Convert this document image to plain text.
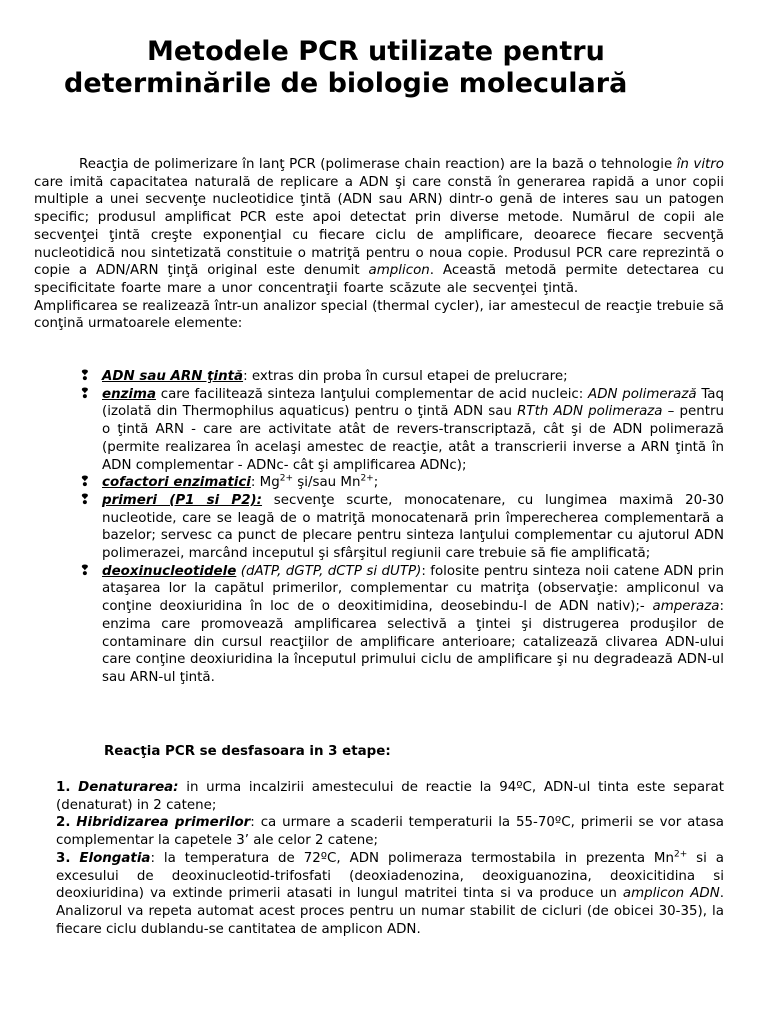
Metodele PCR utilizate pentru
determinările de biologie moleculară

Reacţia de polimerizare în lanţ PCR (polimerase chain reaction) are la bază o tehnologie în vitro care imită capacitatea naturală de replicare a ADN şi care constă în generarea rapidă a unor copii multiple a unei secvenţe nucleotidice ţintă (ADN sau ARN) dintr-o genă de interes sau un patogen specific; produsul amplificat PCR este apoi detectat prin diverse metode. Numărul de copii ale secvenţei ţintă creşte exponenţial cu fiecare ciclu de amplificare, deoarece fiecare secvenţă nucleotidică nou sintetizată constituie o matriţă pentru o noua copie. Produsul PCR care reprezintă o copie a ADN/ARN ţinţă original este denumit amplicon. Această metodă permite detectarea cu specificitate foarte mare a unor concentraţii foarte scăzute ale secvenţei ţintă. Amplificarea se realizează într-un analizor special (thermal cycler), iar amestecul de reacţie trebuie să conţină urmatoarele elemente:

❢ ADN sau ARN ţintă: extras din proba în cursul etapei de prelucrare;
❢ enzima care facilitează sinteza lanţului complementar de acid nucleic: ADN polimerază Taq (izolată din Thermophilus aquaticus) pentru o ţintă ADN sau RTth ADN polimeraza – pentru o ţintă ARN - care are activitate atât de revers-transcriptază, cât şi de ADN polimerază (permite realizarea în acelaşi amestec de reacţie, atât a transcrierii inverse a ARN ţintă în ADN complementar - ADNc- cât şi amplificarea ADNc);
❢ cofactori enzimatici: $Mg^{2+}$ şi/sau $Mn^{2+}$;
❢ primeri (P1 si P2): secvenţe scurte, monocatenare, cu lungimea maximă 20-30 nucleotide, care se leagă de o matriţă monocatenară prin împerecherea complementară a bazelor; servesc ca punct de plecare pentru sinteza lanţului complementar cu ajutorul ADN polimerazei, marcând inceputul şi sfârşitul regiunii care trebuie să fie amplificată;
❢ deoxinucleotidele (dATP, dGTP, dCTP si dUTP): folosite pentru sinteza noii catene ADN prin ataşarea lor la capătul primerilor, complementar cu matriţa (observaţie: ampliconul va conţine deoxiuridina în loc de o deoxitimidina, deosebindu-l de ADN nativ);- amperaza: enzima care promovează amplificarea selectivă a ţintei şi distrugerea produşilor de contaminare din cursul reacţiilor de amplificare anterioare; catalizează clivarea ADN-ului care conţine deoxiuridina la începutul primului ciclu de amplificare şi nu degradează ADN-ul sau ARN-ul ţintă.

Reacţia PCR se desfasoara in 3 etape:

1. Denaturarea: in urma incalzirii amestecului de reactie la 94ºC, ADN-ul tinta este separat (denaturat) in 2 catene;

2. Hibridizarea primerilor: ca urmare a scaderii temperaturii la 55-70ºC, primerii se vor atasa complementar la capetele 3’ ale celor 2 catene;

3. Elongatia: la temperatura de 72ºC, ADN polimeraza termostabila in prezenta $Mn^{2+}$ si a excesului de deoxinucleotid-trifosfati (deoxiadenozina, deoxiguanozina, deoxicitidina si deoxiuridina) va extinde primerii atasati in lungul matritei tinta si va produce un amplicon ADN. Analizorul va repeta automat acest proces pentru un numar stabilit de cicluri (de obicei 30-35), la fiecare ciclu dublandu-se cantitatea de amplicon ADN.
